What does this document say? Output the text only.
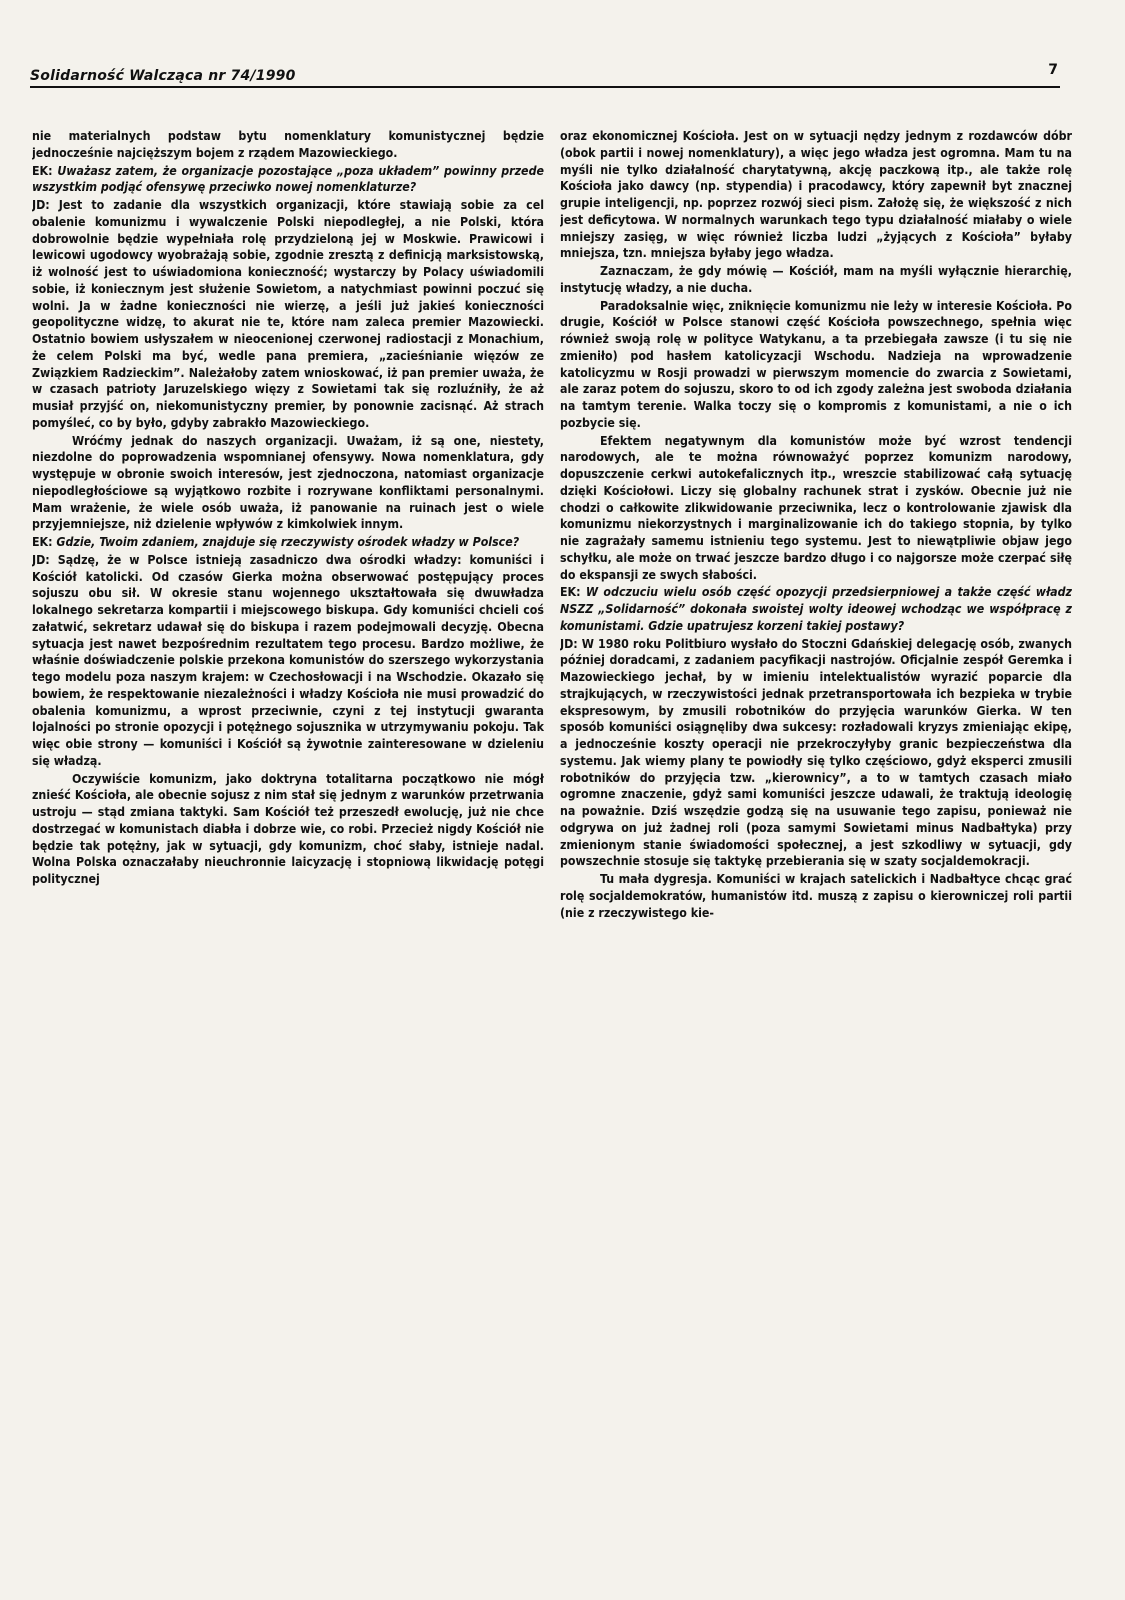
Solidarność Walcząca nr 74/1990	7

nie materialnych podstaw bytu nomenklatury komunistycznej będzie jednocześnie najcięższym bojem z rządem Mazowieckiego.

EK: Uważasz zatem, że organizacje pozostające „poza układem” powinny przede wszystkim podjąć ofensywę przeciwko nowej nomenklaturze?

JD: Jest to zadanie dla wszystkich organizacji, które stawiają sobie za cel obalenie komunizmu i wywalczenie Polski niepodległej, a nie Polski, która dobrowolnie będzie wypełniała rolę przydzieloną jej w Moskwie. Prawicowi i lewicowi ugodowcy wyobrażają sobie, zgodnie zresztą z definicją marksistowską, iż wolność jest to uświadomiona konieczność; wystarczy by Polacy uświadomili sobie, iż koniecznym jest służenie Sowietom, a natychmiast powinni poczuć się wolni. Ja w żadne konieczności nie wierzę, a jeśli już jakieś konieczności geopolityczne widzę, to akurat nie te, które nam zaleca premier Mazowiecki. Ostatnio bowiem usłyszałem w nieocenionej czerwonej radiostacji z Monachium, że celem Polski ma być, wedle pana premiera, „zacieśnianie więzów ze Związkiem Radzieckim”. Należałoby zatem wnioskować, iż pan premier uważa, że w czasach patrioty Jaruzelskiego więzy z Sowietami tak się rozluźniły, że aż musiał przyjść on, niekomunistyczny premier, by ponownie zacisnąć. Aż strach pomyśleć, co by było, gdyby zabrakło Mazowieckiego.

Wróćmy jednak do naszych organizacji. Uważam, iż są one, niestety, niezdolne do poprowadzenia wspomnianej ofensywy. Nowa nomenklatura, gdy występuje w obronie swoich interesów, jest zjednoczona, natomiast organizacje niepodległościowe są wyjątkowo rozbite i rozrywane konfliktami personalnymi. Mam wrażenie, że wiele osób uważa, iż panowanie na ruinach jest o wiele przyjemniejsze, niż dzielenie wpływów z kimkolwiek innym.

EK: Gdzie, Twoim zdaniem, znajduje się rzeczywisty ośrodek władzy w Polsce?

JD: Sądzę, że w Polsce istnieją zasadniczo dwa ośrodki władzy: komuniści i Kościół katolicki. Od czasów Gierka można obserwować postępujący proces sojuszu obu sił. W okresie stanu wojennego ukształtowała się dwuwładza lokalnego sekretarza kompartii i miejscowego biskupa. Gdy komuniści chcieli coś załatwić, sekretarz udawał się do biskupa i razem podejmowali decyzję. Obecna sytuacja jest nawet bezpośrednim rezultatem tego procesu. Bardzo możliwe, że właśnie doświadczenie polskie przekona komunistów do szerszego wykorzystania tego modelu poza naszym krajem: w Czechosłowacji i na Wschodzie. Okazało się bowiem, że respektowanie niezależności i władzy Kościoła nie musi prowadzić do obalenia komunizmu, a wprost przeciwnie, czyni z tej instytucji gwaranta lojalności po stronie opozycji i potężnego sojusznika w utrzymywaniu pokoju. Tak więc obie strony — komuniści i Kościół są żywotnie zainteresowane w dzieleniu się władzą.

Oczywiście komunizm, jako doktryna totalitarna początkowo nie mógł znieść Kościoła, ale obecnie sojusz z nim stał się jednym z warunków przetrwania ustroju — stąd zmiana taktyki. Sam Kościół też przeszedł ewolucję, już nie chce dostrzegać w komunistach diabła i dobrze wie, co robi. Przecież nigdy Kościół nie będzie tak potężny, jak w sytuacji, gdy komunizm, choć słaby, istnieje nadal. Wolna Polska oznaczałaby nieuchronnie laicyzację i stopniową likwidację potęgi politycznej

oraz ekonomicznej Kościoła. Jest on w sytuacji nędzy jednym z rozdawców dóbr (obok partii i nowej nomenklatury), a więc jego władza jest ogromna. Mam tu na myśli nie tylko działalność charytatywną, akcję paczkową itp., ale także rolę Kościoła jako dawcy (np. stypendia) i pracodawcy, który zapewnił byt znacznej grupie inteligencji, np. poprzez rozwój sieci pism. Założę się, że większość z nich jest deficytowa. W normalnych warunkach tego typu działalność miałaby o wiele mniejszy zasięg, w więc również liczba ludzi „żyjących z Kościoła” byłaby mniejsza, tzn. mniejsza byłaby jego władza.

Zaznaczam, że gdy mówię — Kościół, mam na myśli wyłącznie hierarchię, instytucję władzy, a nie ducha.

Paradoksalnie więc, zniknięcie komunizmu nie leży w interesie Kościoła. Po drugie, Kościół w Polsce stanowi część Kościoła powszechnego, spełnia więc również swoją rolę w polityce Watykanu, a ta przebiegała zawsze (i tu się nie zmieniło) pod hasłem katolicyzacji Wschodu. Nadzieja na wprowadzenie katolicyzmu w Rosji prowadzi w pierwszym momencie do zwarcia z Sowietami, ale zaraz potem do sojuszu, skoro to od ich zgody zależna jest swoboda działania na tamtym terenie. Walka toczy się o kompromis z komunistami, a nie o ich pozbycie się.

Efektem negatywnym dla komunistów może być wzrost tendencji narodowych, ale te można równoważyć poprzez komunizm narodowy, dopuszczenie cerkwi autokefalicznych itp., wreszcie stabilizować całą sytuację dzięki Kościołowi. Liczy się globalny rachunek strat i zysków. Obecnie już nie chodzi o całkowite zlikwidowanie przeciwnika, lecz o kontrolowanie zjawisk dla komunizmu niekorzystnych i marginalizowanie ich do takiego stopnia, by tylko nie zagrażały samemu istnieniu tego systemu. Jest to niewątpliwie objaw jego schyłku, ale może on trwać jeszcze bardzo długo i co najgorsze może czerpać siłę do ekspansji ze swych słabości.

EK: W odczuciu wielu osób część opozycji przedsierpniowej a także część władz NSZZ „Solidarność” dokonała swoistej wolty ideowej wchodząc we współpracę z komunistami. Gdzie upatrujesz korzeni takiej postawy?

JD: W 1980 roku Politbiuro wysłało do Stoczni Gdańskiej delegację osób, zwanych później doradcami, z zadaniem pacyfikacji nastrojów. Oficjalnie zespół Geremka i Mazowieckiego jechał, by w imieniu intelektualistów wyrazić poparcie dla strajkujących, w rzeczywistości jednak przetransportowała ich bezpieka w trybie ekspresowym, by zmusili robotników do przyjęcia warunków Gierka. W ten sposób komuniści osiągnęliby dwa sukcesy: rozładowali kryzys zmieniając ekipę, a jednocześnie koszty operacji nie przekroczyłyby granic bezpieczeństwa dla systemu. Jak wiemy plany te powiodły się tylko częściowo, gdyż eksperci zmusili robotników do przyjęcia tzw. „kierownicy”, a to w tamtych czasach miało ogromne znaczenie, gdyż sami komuniści jeszcze udawali, że traktują ideologię na poważnie. Dziś wszędzie godzą się na usuwanie tego zapisu, ponieważ nie odgrywa on już żadnej roli (poza samymi Sowietami minus Nadbałtyka) przy zmienionym stanie świadomości społecznej, a jest szkodliwy w sytuacji, gdy powszechnie stosuje się taktykę przebierania się w szaty socjaldemokracji.

Tu mała dygresja. Komuniści w krajach satelickich i Nadbałtyce chcąc grać rolę socjaldemokratów, humanistów itd. muszą z zapisu o kierowniczej roli partii (nie z rzeczywistego kie-
